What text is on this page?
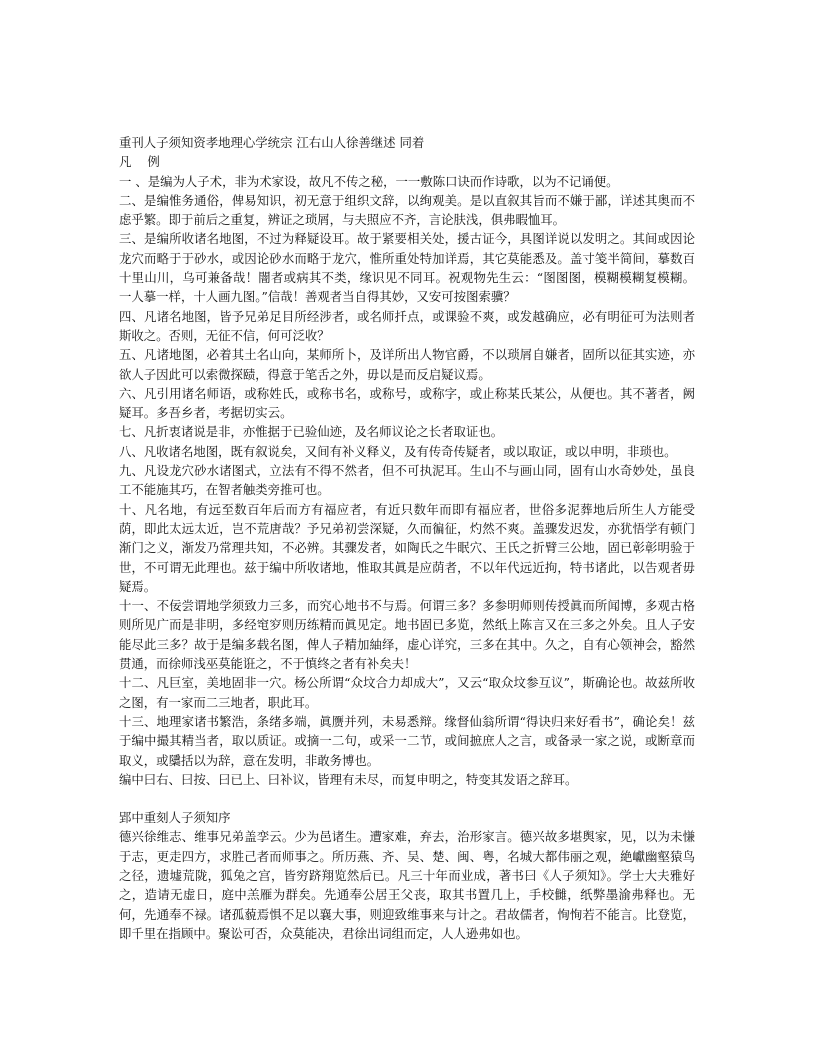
重刊人子须知资孝地理心学统宗 江右山人徐善继述 同着

凡 例

一 、是编为人子术，非为术家设，故凡不传之秘，一一敷陈口诀而作诗歌，以为不记诵便。

二、是编惟务通俗，俾易知识，初无意于组织文辞，以绚观美。是以直叙其旨而不嫌于鄙，详述其奥而不虑乎繁。即于前后之重复，辨证之琐屑，与夫照应不齐，言论肤浅，俱弗暇恤耳。

三、是编所收诸名地图，不过为释疑设耳。故于紧要相关处，援古证今，具图详说以发明之。其间或因论龙穴而略于于砂水，或因论砂水而略于龙穴，惟所重处特加详焉，其它莫能悉及。盖寸笺半简间，摹数百十里山川，乌可兼备哉！闇者或病其不类，缘识见不同耳。祝观物先生云：“图图图，模糊模糊复模糊。一人摹一样，十人画九图。”信哉！善观者当自得其妙，又安可按图索骥？

四、凡诸名地图，皆予兄弟足目所经涉者，或名师扦点，或课验不爽，或发越确应，必有明征可为法则者斯收之。否则，无征不信，何可泛收？

五、凡诸地图，必着其土名山向，某师所卜，及详所出人物官爵，不以琐屑自嫌者，固所以征其实迹，亦欲人子因此可以索微探赜，得意于笔舌之外，毋以是而反启疑议焉。

六、凡引用诸名师语，或称姓氏，或称书名，或称号，或称字，或止称某氏某公，从便也。其不著者，阙疑耳。多吾乡者，考据切实云。

七、凡折衷诸说是非，亦惟据于已验仙迹，及名师议论之长者取证也。

八、凡收诸名地图，既有叙说矣，又间有补义释义，及有传奇传疑者，或以取证，或以申明，非琐也。

九、凡设龙穴砂水诸图式，立法有不得不然者，但不可执泥耳。生山不与画山同，固有山水奇妙处，虽良工不能施其巧，在智者触类旁推可也。

十、凡名地，有远至数百年后而方有福应者，有近只数年而即有福应者，世俗多泥葬地后所生人方能受荫，即此太远太近，岂不荒唐哉？予兄弟初尝深疑，久而徧征，灼然不爽。盖骤发迟发，亦犹悟学有顿门渐门之义，渐发乃常理共知，不必辨。其骤发者，如陶氏之牛眠穴、王氏之折臂三公地，固已彰彰明验于世，不可谓无此理也。兹于编中所收诸地，惟取其眞是应荫者，不以年代远近拘，特书诸此，以告观者毋疑焉。

十一、不佞尝谓地学须致力三多，而究心地书不与焉。何谓三多？多参明师则传授眞而所闻博，多观古格则所见广而是非明，多经窀穸则历练精而眞见定。地书固已多览，然纸上陈言又在三多之外矣。且人子安能尽此三多？故于是编多载名图，俾人子精加紬绎，虚心详究，三多在其中。久之，自有心领神会，豁然贯通，而徐师浅巫莫能诳之，不于慎终之者有补矣夫！

十二、凡巨室，美地固非一穴。杨公所谓“众坟合力却成大”，又云“取众坟参互议”，斯确论也。故兹所收之图，有一家而二三地者，职此耳。

十三、地理家诸书繁浩，条绪多端，眞赝并列，未易悉辩。缘督仙翁所谓“得诀归来好看书”，确论矣！兹于编中撮其精当者，取以质证。或摘一二句，或采一二节，或间摭庶人之言，或备录一家之说，或断章而取义，或櫽括以为辞，意在发明，非敢务博也。

编中曰右、曰按、曰已上、曰补议，皆理有未尽，而复申明之，特变其发语之辞耳。

郢中重刻人子须知序

德兴徐维志、维事兄弟盖孪云。少为邑诸生。遭家难，弃去，治形家言。德兴故多堪舆家，见，以为未慊于志，更走四方，求胜己者而师事之。所历燕、齐、吴、楚、闽、粤，名城大都伟丽之观，絶巘幽壑猿鸟之径，遗墟荒陇，狐兔之宫，皆穷跻翔览然后已。凡三十年而业成，著书曰《人子须知》。学士大夫雅好之，造请无虚日，庭中羔雁为群矣。先通奉公居王父丧，取其书置几上，手校雠，纸弊墨渝弗释也。无何，先通奉不禄。诸孤藐焉惧不足以襄大事，则迎致维事来与计之。君故儒者，恂恂若不能言。比登览，即千里在指顾中。聚讼可否，众莫能决，君徐出词组而定，人人逊弗如也。
